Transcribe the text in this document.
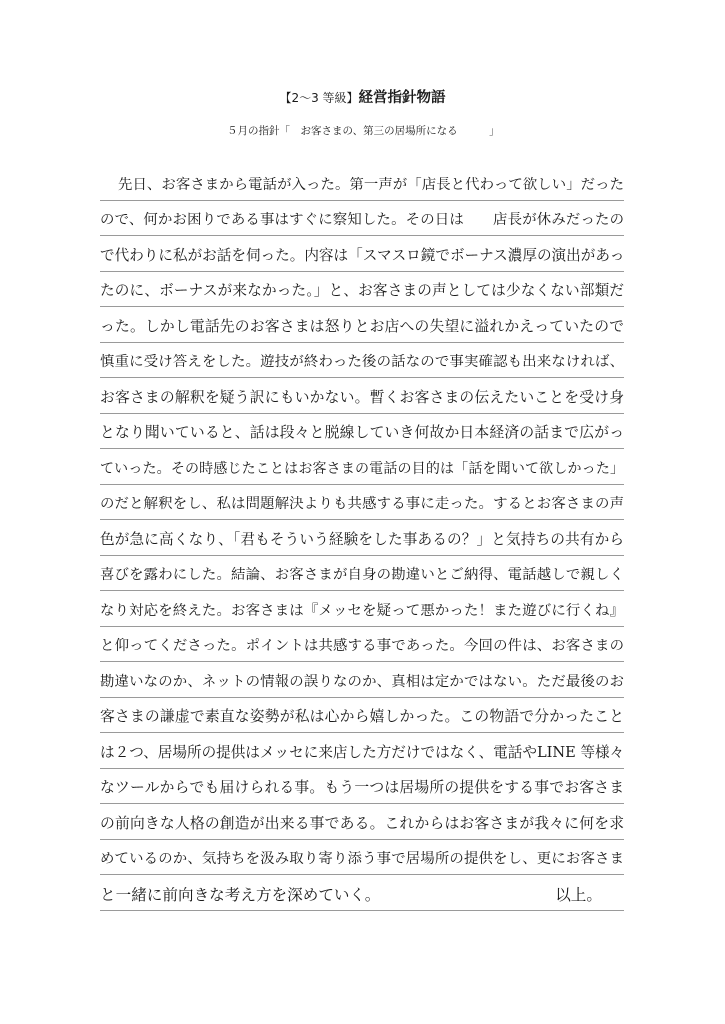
【2〜3 等級】経営指針物語
５月の指針「　お客さまの、第三の居場所になる　　　」
先日、お客さまから電話が入った。第一声が「店長と代わって欲しい」だった
ので、何かお困りである事はすぐに察知した。その日は　　店長が休みだったの
で代わりに私がお話を伺った。内容は「スマスロ鏡でボーナス濃厚の演出があっ
たのに、ボーナスが来なかった。」と、お客さまの声としては少なくない部類だ
った。しかし電話先のお客さまは怒りとお店への失望に溢れかえっていたので
慎重に受け答えをした。遊技が終わった後の話なので事実確認も出来なければ、
お客さまの解釈を疑う訳にもいかない。暫くお客さまの伝えたいことを受け身
となり聞いていると、話は段々と脱線していき何故か日本経済の話まで広がっ
ていった。その時感じたことはお客さまの電話の目的は「話を聞いて欲しかった」
のだと解釈をし、私は問題解決よりも共感する事に走った。するとお客さまの声
色が急に高くなり、「君もそういう経験をした事あるの？」と気持ちの共有から
喜びを露わにした。結論、お客さまが自身の勘違いとご納得、電話越しで親しく
なり対応を終えた。お客さまは『メッセを疑って悪かった！また遊びに行くね』
と仰ってくださった。ポイントは共感する事であった。今回の件は、お客さまの
勘違いなのか、ネットの情報の誤りなのか、真相は定かではない。ただ最後のお
客さまの謙虚で素直な姿勢が私は心から嬉しかった。この物語で分かったこと
は２つ、居場所の提供はメッセに来店した方だけではなく、電話やLINE 等様々
なツールからでも届けられる事。もう一つは居場所の提供をする事でお客さま
の前向きな人格の創造が出来る事である。これからはお客さまが我々に何を求
めているのか、気持ちを汲み取り寄り添う事で居場所の提供をし、更にお客さま
と一緒に前向きな考え方を深めていく。	以上。
